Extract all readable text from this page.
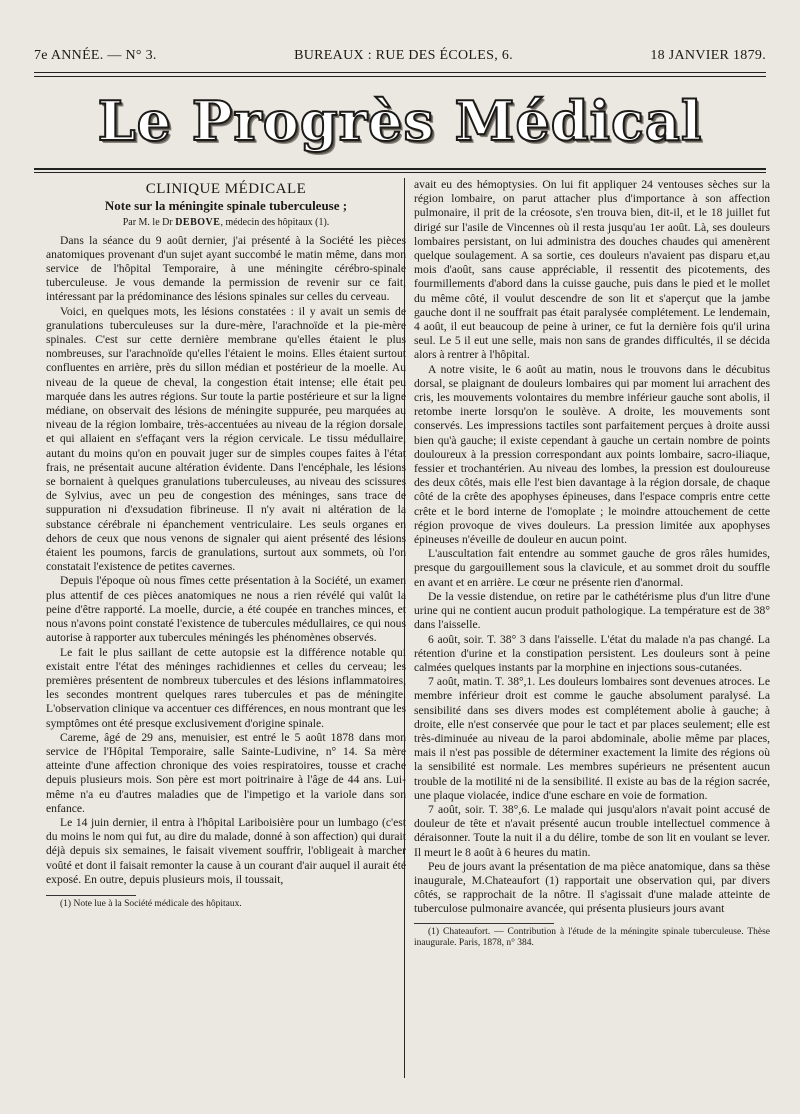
7e ANNÉE. — N° 3.	BUREAUX : RUE DES ÉCOLES, 6.	18 JANVIER 1879.
Le Progrès Médical
CLINIQUE MÉDICALE
Note sur la méningite spinale tuberculeuse ;
Par M. le Dr DEBOVE, médecin des hôpitaux (1).

Dans la séance du 9 août dernier, j'ai présenté à la Société les pièces anatomiques provenant d'un sujet ayant succombé le matin même, dans mon service de l'hôpital Temporaire, à une méningite cérébro-spinale tuberculeuse. Je vous demande la permission de revenir sur ce fait, intéressant par la prédominance des lésions spinales sur celles du cerveau.

Voici, en quelques mots, les lésions constatées : il y avait un semis de granulations tuberculeuses sur la dure-mère, l'arachnoïde et la pie-mère spinales. C'est sur cette dernière membrane qu'elles étaient le plus nombreuses, sur l'arachnoïde qu'elles l'étaient le moins. Elles étaient surtout confluentes en arrière, près du sillon médian et postérieur de la moelle. Au niveau de la queue de cheval, la congestion était intense; elle était peu marquée dans les autres régions. Sur toute la partie postérieure et sur la ligne médiane, on observait des lésions de méningite suppurée, peu marquées au niveau de la région lombaire, très-accentuées au niveau de la région dorsale, et qui allaient en s'effaçant vers la région cervicale. Le tissu médullaire, autant du moins qu'on en pouvait juger sur de simples coupes faites à l'état frais, ne présentait aucune altération évidente. Dans l'encéphale, les lésions se bornaient à quelques granulations tuberculeuses, au niveau des scissures de Sylvius, avec un peu de congestion des méninges, sans trace de suppuration ni d'exsudation fibrineuse. Il n'y avait ni altération de la substance cérébrale ni épanchement ventriculaire. Les seuls organes en dehors de ceux que nous venons de signaler qui aient présenté des lésions étaient les poumons, farcis de granulations, surtout aux sommets, où l'on constatait l'existence de petites cavernes.

Depuis l'époque où nous fîmes cette présentation à la Société, un examen plus attentif de ces pièces anatomiques ne nous a rien révélé qui valût la peine d'être rapporté. La moelle, durcie, a été coupée en tranches minces, et nous n'avons point constaté l'existence de tubercules médullaires, ce qui nous autorise à rapporter aux tubercules méningés les phénomènes observés.

Le fait le plus saillant de cette autopsie est la différence notable qui existait entre l'état des méninges rachidiennes et celles du cerveau; les premières présentent de nombreux tubercules et des lésions inflammatoires, les secondes montrent quelques rares tubercules et pas de méningite. L'observation clinique va accentuer ces différences, en nous montrant que les symptômes ont été presque exclusivement d'origine spinale.

Careme, âgé de 29 ans, menuisier, est entré le 5 août 1878 dans mon service de l'Hôpital Temporaire, salle Sainte-Ludivine, n° 14. Sa mère atteinte d'une affection chronique des voies respiratoires, tousse et crache depuis plusieurs mois. Son père est mort poitrinaire à l'âge de 44 ans. Lui-même n'a eu d'autres maladies que de l'impetigo et la variole dans son enfance.

Le 14 juin dernier, il entra à l'hôpital Lariboisière pour un lumbago (c'est du moins le nom qui fut, au dire du malade, donné à son affection) qui durait déjà depuis six semaines, le faisait vivement souffrir, l'obligeait à marcher voûté et dont il faisait remonter la cause à un courant d'air auquel il aurait été exposé. En outre, depuis plusieurs mois, il toussait,

(1) Note lue à la Société médicale des hôpitaux.

avait eu des hémoptysies. On lui fit appliquer 24 ventouses sèches sur la région lombaire, on parut attacher plus d'importance à son affection pulmonaire, il prit de la créosote, s'en trouva bien, dit-il, et le 18 juillet fut dirigé sur l'asile de Vincennes où il resta jusqu'au 1er août. Là, ses douleurs lombaires persistant, on lui administra des douches chaudes qui amenèrent quelque soulagement. A sa sortie, ces douleurs n'avaient pas disparu et,au mois d'août, sans cause appréciable, il ressentit des picotements, des fourmillements d'abord dans la cuisse gauche, puis dans le pied et le mollet du même côté, il voulut descendre de son lit et s'aperçut que la jambe gauche dont il ne souffrait pas était paralysée complétement. Le lendemain, 4 août, il eut beaucoup de peine à uriner, ce fut la dernière fois qu'il urina seul. Le 5 il eut une selle, mais non sans de grandes difficultés, il se décida alors à rentrer à l'hôpital.

A notre visite, le 6 août au matin, nous le trouvons dans le décubitus dorsal, se plaignant de douleurs lombaires qui par moment lui arrachent des cris, les mouvements volontaires du membre inférieur gauche sont abolis, il retombe inerte lorsqu'on le soulève. A droite, les mouvements sont conservés. Les impressions tactiles sont parfaitement perçues à droite aussi bien qu'à gauche; il existe cependant à gauche un certain nombre de points douloureux à la pression correspondant aux points lombaire, sacro-iliaque, fessier et trochantérien. Au niveau des lombes, la pression est douloureuse des deux côtés, mais elle l'est bien davantage à la région dorsale, de chaque côté de la crête des apophyses épineuses, dans l'espace compris entre cette crête et le bord interne de l'omoplate ; le moindre attouchement de cette région provoque de vives douleurs. La pression limitée aux apophyses épineuses n'éveille de douleur en aucun point.

L'auscultation fait entendre au sommet gauche de gros râles humides, presque du gargouillement sous la clavicule, et au sommet droit du souffle en avant et en arrière. Le cœur ne présente rien d'anormal.

De la vessie distendue, on retire par le cathétérisme plus d'un litre d'une urine qui ne contient aucun produit pathologique. La température est de 38° dans l'aisselle.

6 août, soir. T. 38° 3 dans l'aisselle. L'état du malade n'a pas changé. La rétention d'urine et la constipation persistent. Les douleurs sont à peine calmées quelques instants par la morphine en injections sous-cutanées.

7 août, matin. T. 38°,1. Les douleurs lombaires sont devenues atroces. Le membre inférieur droit est comme le gauche absolument paralysé. La sensibilité dans ses divers modes est complétement abolie à gauche; à droite, elle n'est conservée que pour le tact et par places seulement; elle est très-diminuée au niveau de la paroi abdominale, abolie même par places, mais il n'est pas possible de déterminer exactement la limite des régions où la sensibilité est normale. Les membres supérieurs ne présentent aucun trouble de la motilité ni de la sensibilité. Il existe au bas de la région sacrée, une plaque violacée, indice d'une eschare en voie de formation.

7 août, soir. T. 38°,6. Le malade qui jusqu'alors n'avait point accusé de douleur de tête et n'avait présenté aucun trouble intellectuel commence à déraisonner. Toute la nuit il a du délire, tombe de son lit en voulant se lever. Il meurt le 8 août à 6 heures du matin.

Peu de jours avant la présentation de ma pièce anatomique, dans sa thèse inaugurale, M.Chateaufort (1) rapportait une observation qui, par divers côtés, se rapprochait de la nôtre. Il s'agissait d'une malade atteinte de tuberculose pulmonaire avancée, qui présenta plusieurs jours avant

(1) Chateaufort. — Contribution à l'étude de la méningite spinale tuberculeuse. Thèse inaugurale. Paris, 1878, n° 384.
